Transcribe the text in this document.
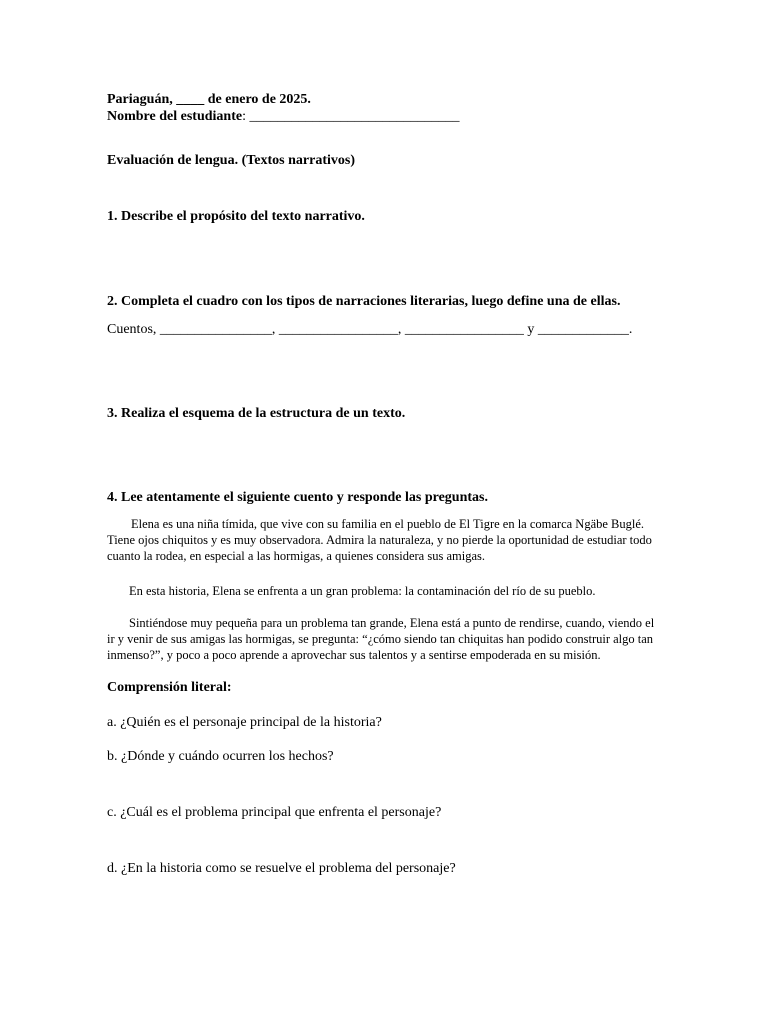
Pariaguán, ____ de enero de 2025.
Nombre del estudiante: ______________________________
Evaluación de lengua. (Textos narrativos)
1. Describe el propósito del texto narrativo.
2. Completa el cuadro con los tipos de narraciones literarias, luego define una de ellas.
Cuentos, ________________, _________________, _________________ y _____________.
3. Realiza el esquema de la estructura de un texto.
4. Lee atentamente el siguiente cuento y responde las preguntas.
Elena es una niña tímida, que vive con su familia en el pueblo de El Tigre en la comarca Ngäbe Buglé. Tiene ojos chiquitos y es muy observadora. Admira la naturaleza, y no pierde la oportunidad de estudiar todo cuanto la rodea, en especial a las hormigas, a quienes considera sus amigas.
En esta historia, Elena se enfrenta a un gran problema: la contaminación del río de su pueblo.
Sintiéndose muy pequeña para un problema tan grande, Elena está a punto de rendirse, cuando, viendo el ir y venir de sus amigas las hormigas, se pregunta: “¿cómo siendo tan chiquitas han podido construir algo tan inmenso?”, y poco a poco aprende a aprovechar sus talentos y a sentirse empoderada en su misión.
Comprensión literal:
a. ¿Quién es el personaje principal de la historia?
b. ¿Dónde y cuándo ocurren los hechos?
c. ¿Cuál es el problema principal que enfrenta el personaje?
d. ¿En la historia como se resuelve el problema del personaje?
